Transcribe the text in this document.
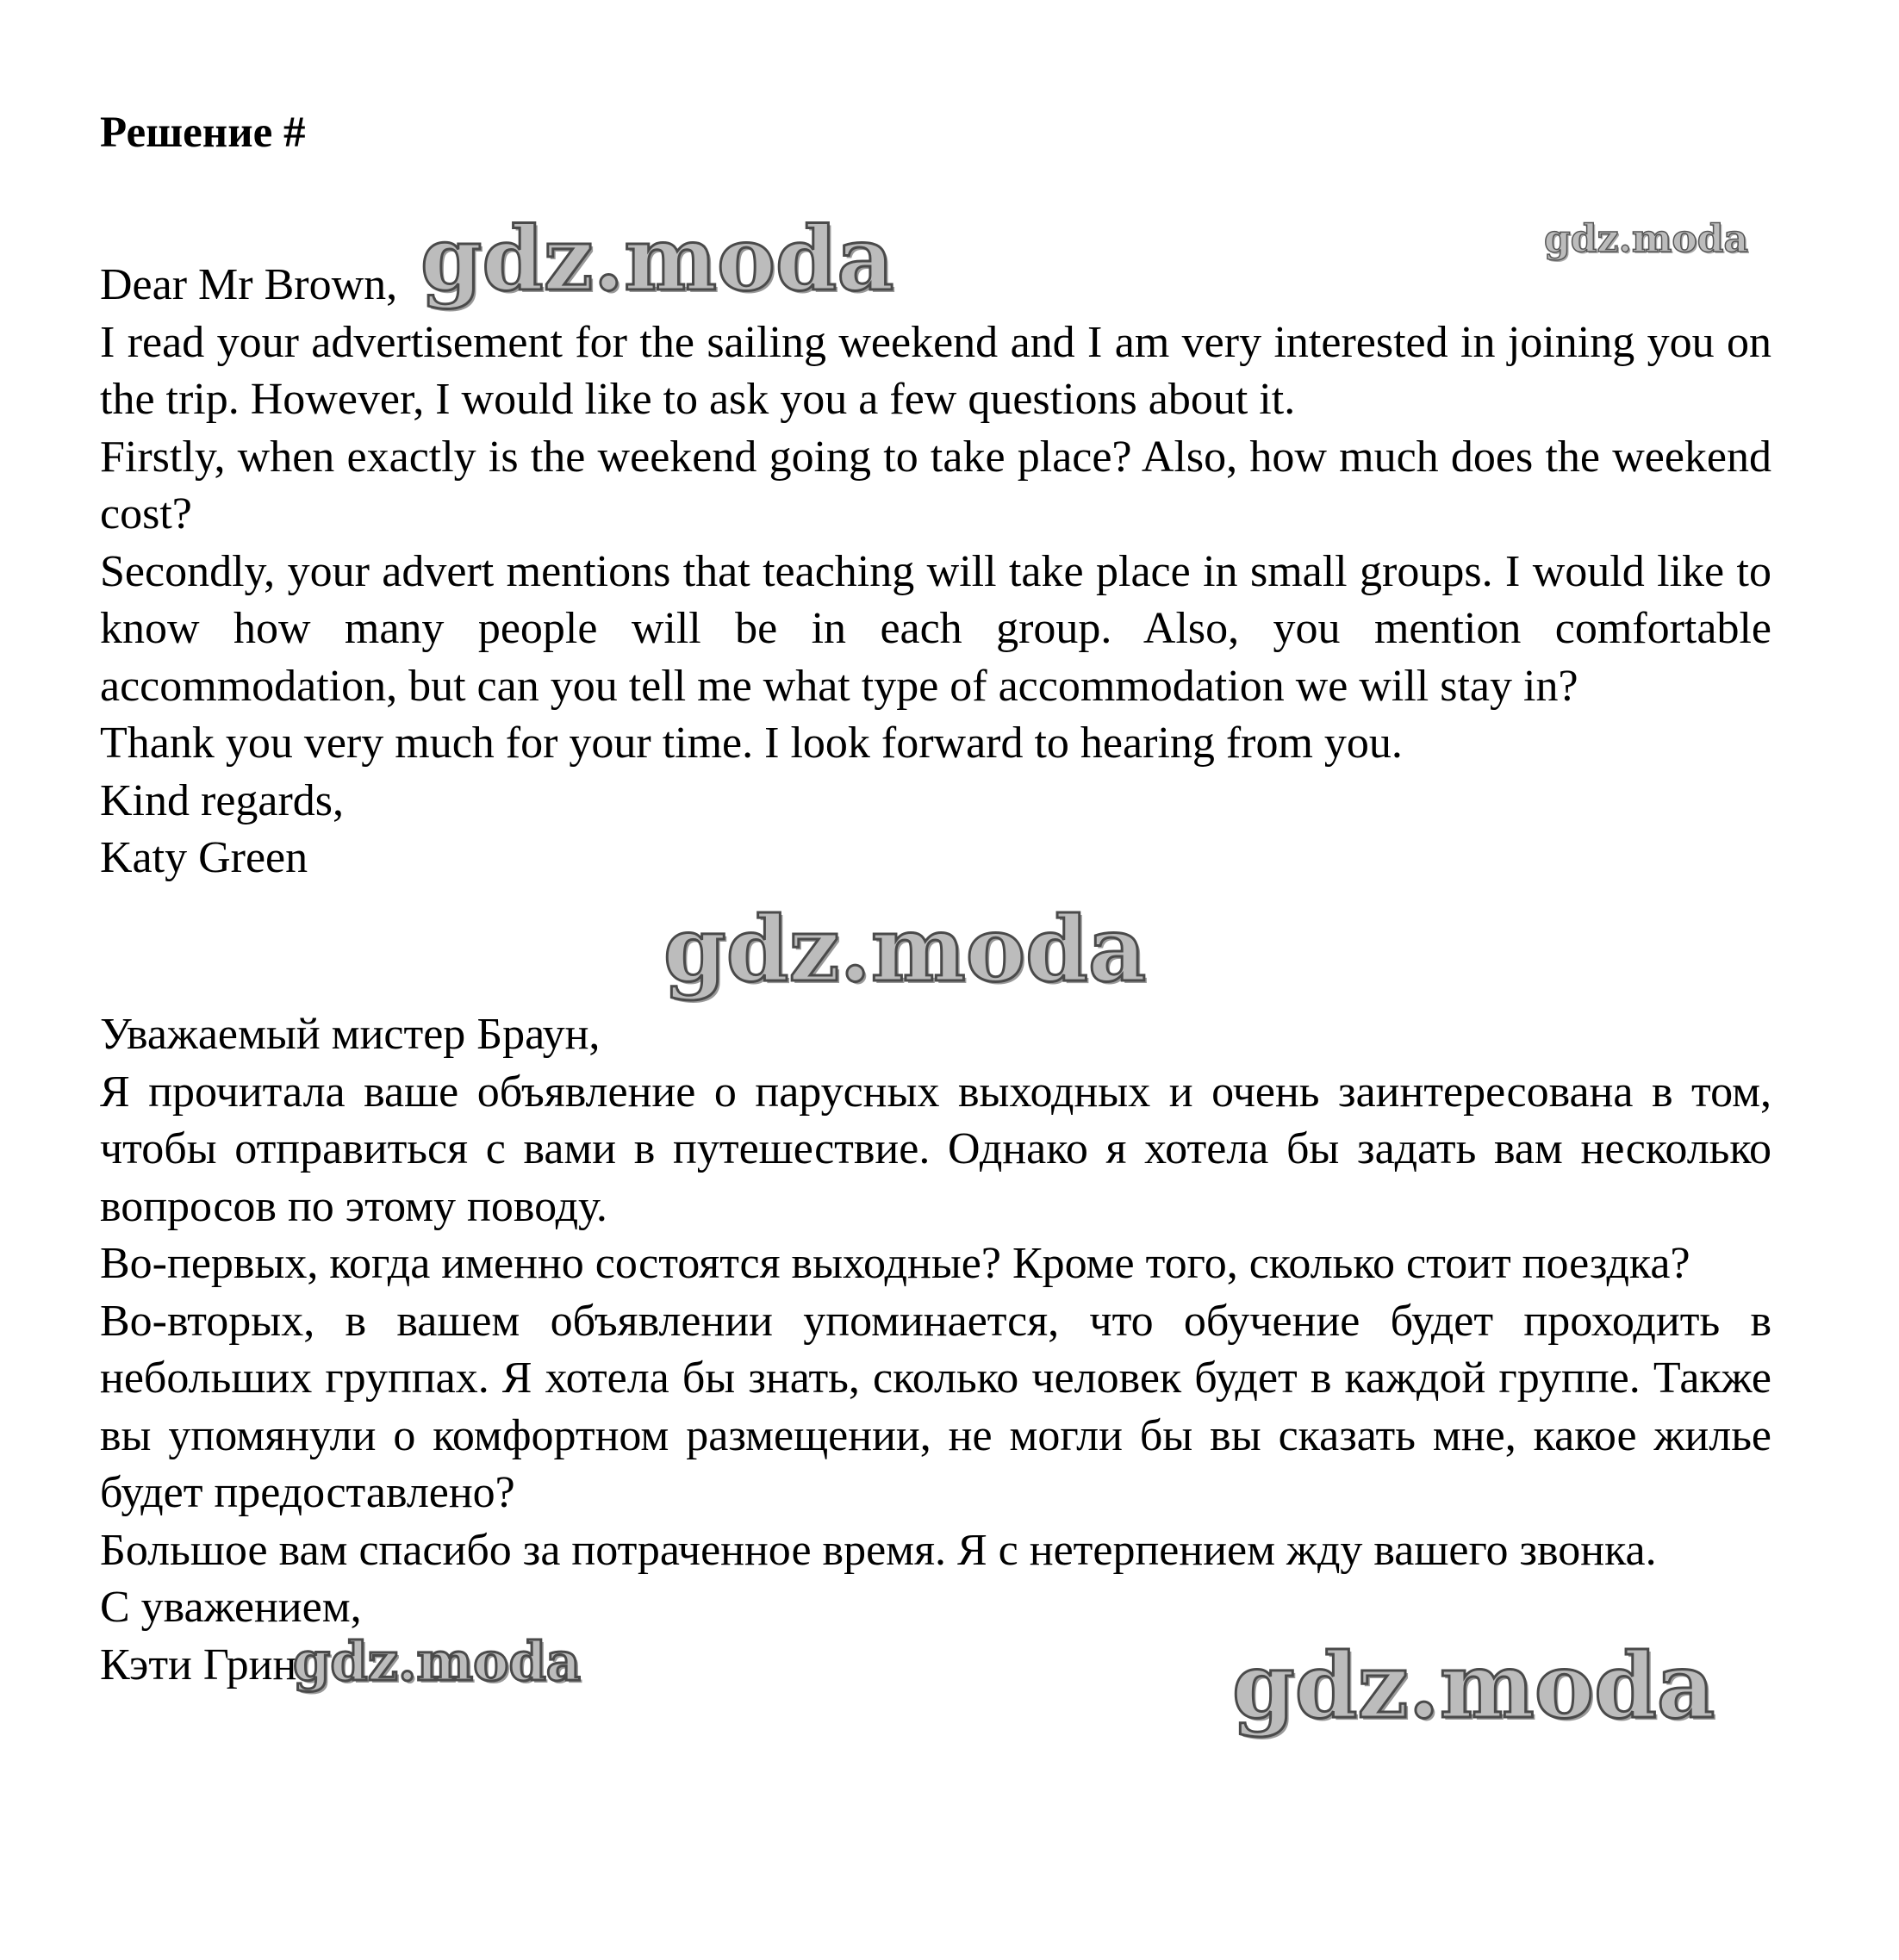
Решение #

Dear Mr Brown,

I read your advertisement for the sailing weekend and I am very interested in joining you on the trip. However, I would like to ask you a few questions about it.

Firstly, when exactly is the weekend going to take place? Also, how much does the weekend cost?

Secondly, your advert mentions that teaching will take place in small groups. I would like to know how many people will be in each group. Also, you mention comfortable accommodation, but can you tell me what type of accommodation we will stay in?

Thank you very much for your time. I look forward to hearing from you.

Kind regards,

Katy Green

Уважаемый мистер Браун,

Я прочитала ваше объявление о парусных выходных и очень заинтересована в том, чтобы отправиться с вами в путешествие. Однако я хотела бы задать вам несколько вопросов по этому поводу.

Во-первых, когда именно состоятся выходные? Кроме того, сколько стоит поездка?

Во-вторых, в вашем объявлении упоминается, что обучение будет проходить в небольших группах. Я хотела бы знать, сколько человек будет в каждой группе. Также вы упомянули о комфортном размещении, не могли бы вы сказать мне, какое жилье будет предоставлено?

Большое вам спасибо за потраченное время. Я с нетерпением жду вашего звонка.

С уважением,

Кэти Грин

gdz.moda	gdz.moda
gdz.moda
gdz.moda	gdz.moda
